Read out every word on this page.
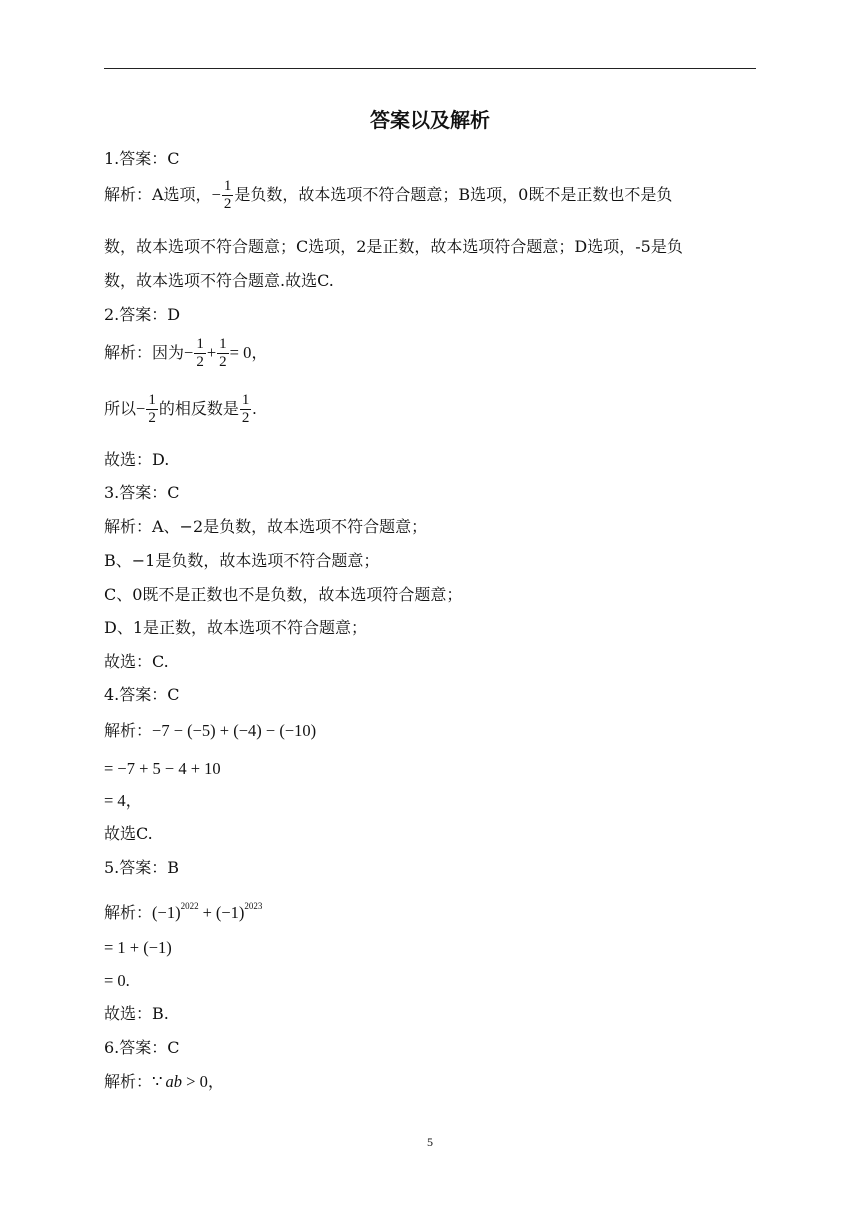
答案以及解析
1.答案：C
解析：A选项，− $\frac{1}{2}$ 是负数，故本选项不符合题意；B选项，0既不是正数也不是负
数，故本选项不符合题意；C选项，2是正数，故本选项符合题意；D选项，-5是负
数，故本选项不符合题意.故选C.
2.答案：D
解析：因为− $\frac{1}{2} + \frac{1}{2} = 0$，
所以− $\frac{1}{2}$ 的相反数是 $\frac{1}{2}$ .
故选：D.
3.答案：C
解析：A、−2是负数，故本选项不符合题意；
B、−1是负数，故本选项不符合题意；
C、0既不是正数也不是负数，故本选项符合题意；
D、1是正数，故本选项不符合题意；
故选：C.
4.答案：C
解析：−7 − (−5) + (−4) − (−10)
= −7 + 5 − 4 + 10
= 4，
故选C.
5.答案：B
解析：$(-1)^{2022} + (-1)^{2023}$
= 1 + (−1)
= 0.
故选：B.
6.答案：C
解析：∵ ab > 0，
5
